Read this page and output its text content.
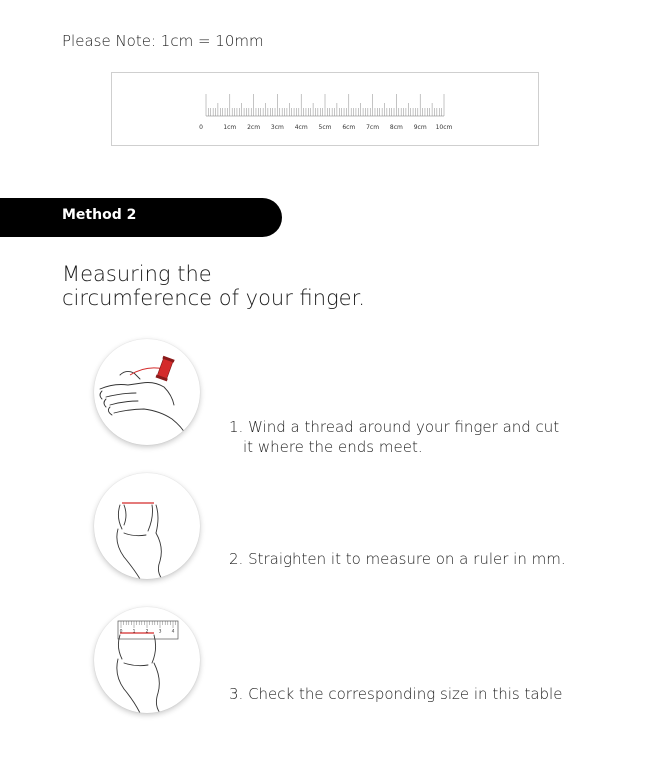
Please Note: 1cm = 10mm
0	1cm 2cm 3cm 4cm 5cm 6cm 7cm 8cm 9cm 10cm
Method 2
Measuring the
circumference of your finger.
1. Wind a thread around your finger and cut
it where the ends meet.
2. Straighten it to measure on a ruler in mm.
0 1 2 3 4
3. Check the corresponding size in this table
